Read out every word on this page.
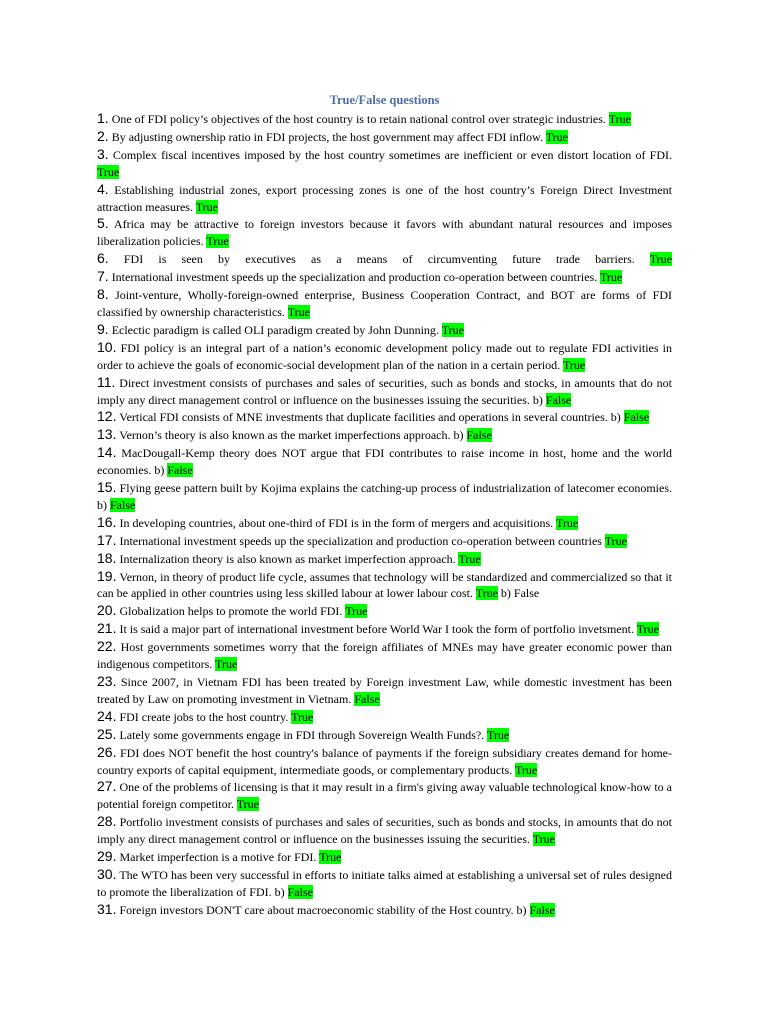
True/False questions
1. One of FDI policy’s objectives of the host country is to retain national control over strategic industries. True
2. By adjusting ownership ratio in FDI projects, the host government may affect FDI inflow. True
3. Complex fiscal incentives imposed by the host country sometimes are inefficient or even distort location of FDI. True
4. Establishing industrial zones, export processing zones is one of the host country’s Foreign Direct Investment attraction measures. True
5. Africa may be attractive to foreign investors because it favors with abundant natural resources and imposes liberalization policies. True
6. FDI is seen by executives as a means of circumventing future trade barriers. True
7. International investment speeds up the specialization and production co-operation between countries. True
8. Joint-venture, Wholly-foreign-owned enterprise, Business Cooperation Contract, and BOT are forms of FDI classified by ownership characteristics. True
9. Eclectic paradigm is called OLI paradigm created by John Dunning. True
10. FDI policy is an integral part of a nation’s economic development policy made out to regulate FDI activities in order to achieve the goals of economic-social development plan of the nation in a certain period. True
11. Direct investment consists of purchases and sales of securities, such as bonds and stocks, in amounts that do not imply any direct management control or influence on the businesses issuing the securities. b) False
12. Vertical FDI consists of MNE investments that duplicate facilities and operations in several countries. b) False
13. Vernon’s theory is also known as the market imperfections approach. b) False
14. MacDougall-Kemp theory does NOT argue that FDI contributes to raise income in host, home and the world economies. b) False
15. Flying geese pattern built by Kojima explains the catching-up process of industrialization of latecomer economies. b) False
16. In developing countries, about one-third of FDI is in the form of mergers and acquisitions. True
17. International investment speeds up the specialization and production co-operation between countries True
18. Internalization theory is also known as market imperfection approach. True
19. Vernon, in theory of product life cycle, assumes that technology will be standardized and commercialized so that it can be applied in other countries using less skilled labour at lower labour cost. True b) False
20. Globalization helps to promote the world FDI. True
21. It is said a major part of international investment before World War I took the form of portfolio invetsment. True
22. Host governments sometimes worry that the foreign affiliates of MNEs may have greater economic power than indigenous competitors. True
23. Since 2007, in Vietnam FDI has been treated by Foreign investment Law, while domestic investment has been treated by Law on promoting investment in Vietnam. False
24. FDI create jobs to the host country. True
25. Lately some governments engage in FDI through Sovereign Wealth Funds?. True
26. FDI does NOT benefit the host country's balance of payments if the foreign subsidiary creates demand for home-country exports of capital equipment, intermediate goods, or complementary products. True
27. One of the problems of licensing is that it may result in a firm's giving away valuable technological know-how to a potential foreign competitor. True
28. Portfolio investment consists of purchases and sales of securities, such as bonds and stocks, in amounts that do not imply any direct management control or influence on the businesses issuing the securities. True
29. Market imperfection is a motive for FDI. True
30. The WTO has been very successful in efforts to initiate talks aimed at establishing a universal set of rules designed to promote the liberalization of FDI. b) False
31. Foreign investors DON'T care about macroeconomic stability of the Host country. b) False
